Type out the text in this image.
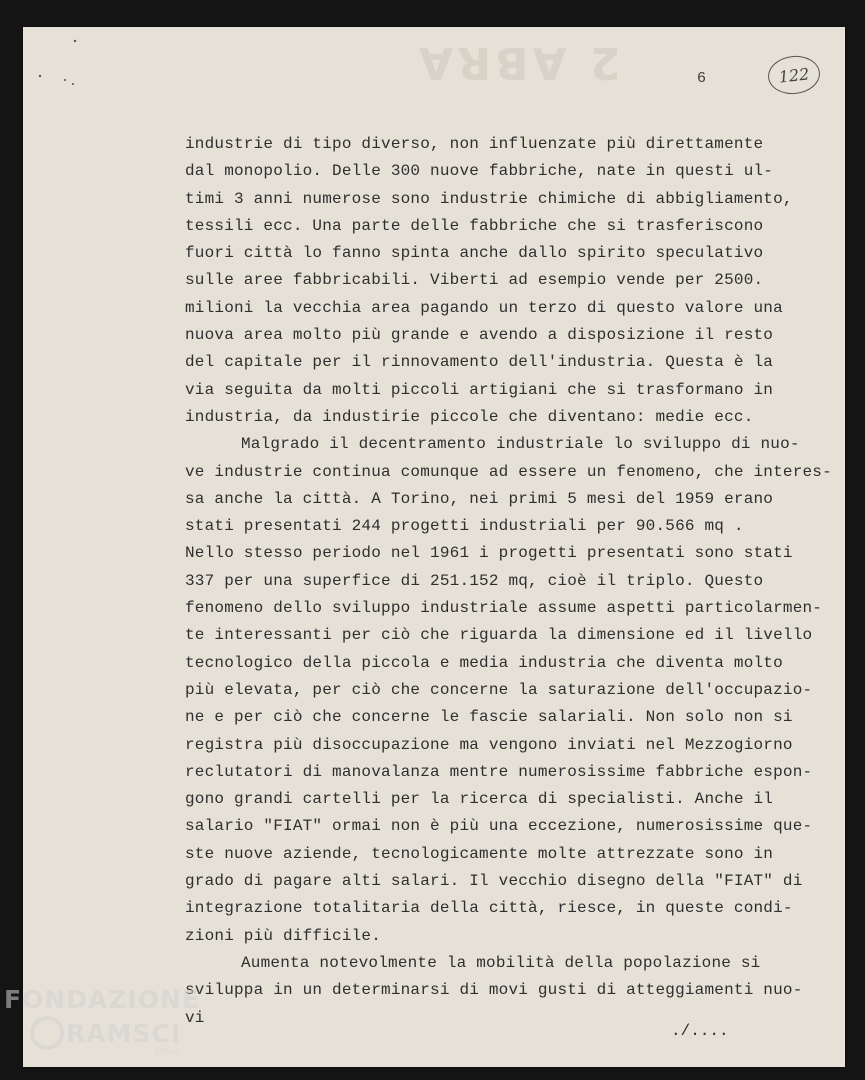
2 ABRA	6	122
industrie di tipo diverso, non influenzate più direttamente
dal monopolio. Delle 300 nuove fabbriche, nate in questi ul-
timi 3 anni numerose sono industrie chimiche di abbigliamento,
tessili ecc. Una parte delle fabbriche che si trasferiscono
fuori città lo fanno spinta anche dallo spirito speculativo
sulle aree fabbricabili. Viberti ad esempio vende per 2500.
milioni la vecchia area pagando un terzo di questo valore una
nuova area molto più grande e avendo a disposizione il resto
del capitale per il rinnovamento dell'industria. Questa è la
via seguita da molti piccoli artigiani che si trasformano in
industria, da industirie piccole che diventano: medie ecc.
Malgrado il decentramento industriale lo sviluppo di nuo-
ve industrie continua comunque ad essere un fenomeno, che interes-
sa anche la città. A Torino, nei primi 5 mesi del 1959 erano
stati presentati 244 progetti industriali per 90.566 mq .
Nello stesso periodo nel 1961 i progetti presentati sono stati
337 per una superfice di 251.152 mq, cioè il triplo. Questo
fenomeno dello sviluppo industriale assume aspetti particolarmen-
te interessanti per ciò che riguarda la dimensione ed il livello
tecnologico della piccola e media industria che diventa molto
più elevata, per ciò che concerne la saturazione dell'occupazio-
ne e per ciò che concerne le fascie salariali. Non solo non si
registra più disoccupazione ma vengono inviati nel Mezzogiorno
reclutatori di manovalanza mentre numerosissime fabbriche espon-
gono grandi cartelli per la ricerca di specialisti. Anche il
salario "FIAT" ormai non è più una eccezione, numerosissime que-
ste nuove aziende, tecnologicamente molte attrezzate sono in
grado di pagare alti salari. Il vecchio disegno della "FIAT" di
integrazione totalitaria della città, riesce, in queste condi-
zioni più difficile.
Aumenta notevolmente la mobilità della popolazione si
sviluppa in un determinarsi di movi gusti di atteggiamenti nuo-
vi
./....
FONDAZIONE
RAMSCI
onlus
